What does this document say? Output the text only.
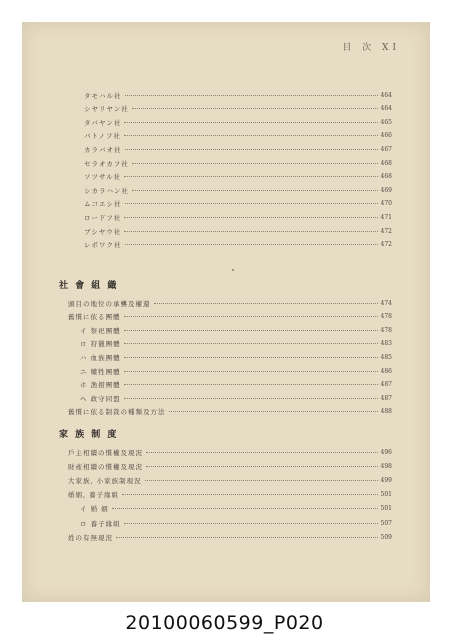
目 次 XI
社 會 組 織
家 族 制 度
タモハル社	464
シヤリヤン社	464
タバヤン社	465
バトノフ社	466
カラバオ社	467
セラオカフ社	468
ソツサル社	468
シカラハン社	469
ムコエシ社	470
ロードフ社	471
ブシヤウ社	472
レボワク社	472
頭目の地位の承襲及權還	474
舊慣に依る團體	478
イ 祭祀團體	478
ロ 狩獵團體	483
ハ 血族團體	485
ニ 犧牲團體	486
ホ 漁撈團體	487
ヘ 政守同盟	487
舊慣に依る制裁の種類及方法	488
戶主相續の慣權及現況	496
財產相續の慣權及現況	498
大家族, 小家族制現況	499
婚姻, 養子緣組	501
イ 婚 姻	501
ロ 養子緣組	507
姓の有無現況	509
20100060599_P020
